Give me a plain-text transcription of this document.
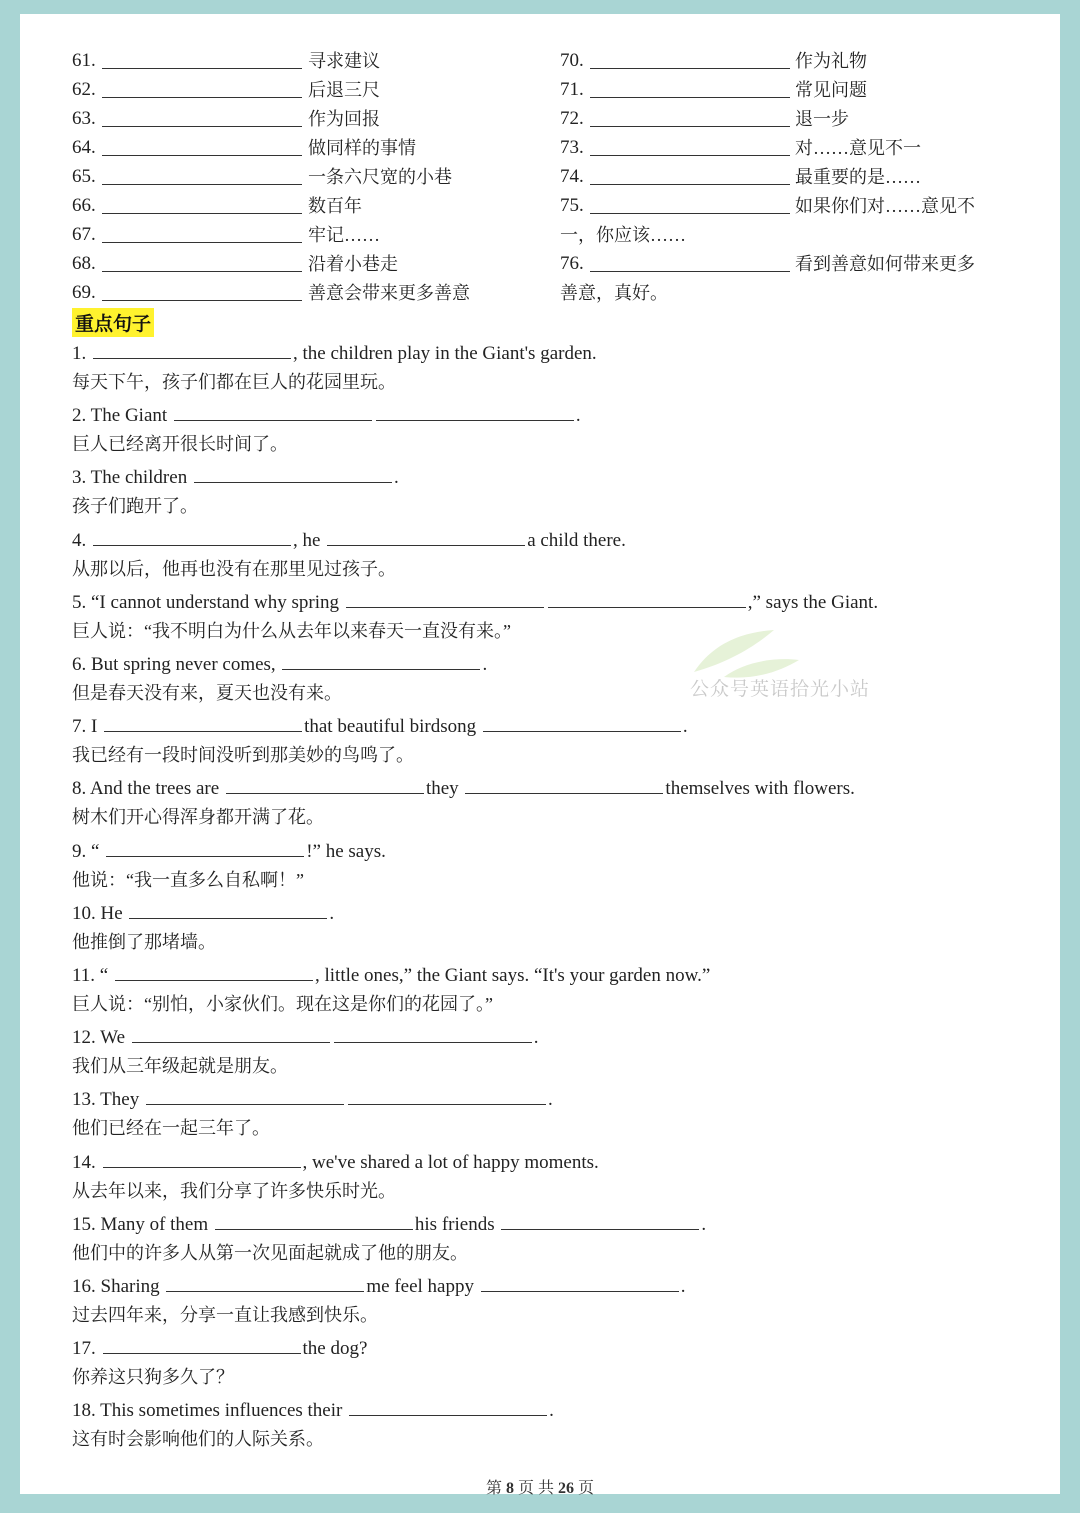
61.	寻求建议
62.	后退三尺
63.	作为回报
64.	做同样的事情
65.	一条六尺宽的小巷
66.	数百年
67.	牢记……
68.	沿着小巷走
69.	善意会带来更多善意
70.	作为礼物
71.	常见问题
72.	退一步
73.	对……意见不一
74.	最重要的是……
75.	如果你们对……意见不
一，你应该……
76.	看到善意如何带来更多
善意，真好。
重点句子
1.	, the children play in the Giant's garden.
每天下午，孩子们都在巨人的花园里玩。
2. The Giant	.
巨人已经离开很长时间了。
3. The children	.
孩子们跑开了。
4.	, he	a child there.
从那以后，他再也没有在那里见过孩子。
5. “I cannot understand why spring	,” says the Giant.
巨人说：“我不明白为什么从去年以来春天一直没有来。”
6. But spring never comes,	.
但是春天没有来，夏天也没有来。
7. I	that beautiful birdsong	.
我已经有一段时间没听到那美妙的鸟鸣了。
8. And the trees are	they	themselves with flowers.
树木们开心得浑身都开满了花。
9. “	!” he says.
他说：“我一直多么自私啊！”
10. He	.
他推倒了那堵墙。
11. “	, little ones,” the Giant says. “It's your garden now.”
巨人说：“别怕，小家伙们。现在这是你们的花园了。”
12. We	.
我们从三年级起就是朋友。
13. They	.
他们已经在一起三年了。
14.	, we've shared a lot of happy moments.
从去年以来，我们分享了许多快乐时光。
15. Many of them	his friends	.
他们中的许多人从第一次见面起就成了他的朋友。
16. Sharing	me feel happy	.
过去四年来，分享一直让我感到快乐。
17.	the dog?
你养这只狗多久了？
18. This sometimes influences their	.
这有时会影响他们的人际关系。
公众号英语拾光小站
第 8 页 共 26 页
